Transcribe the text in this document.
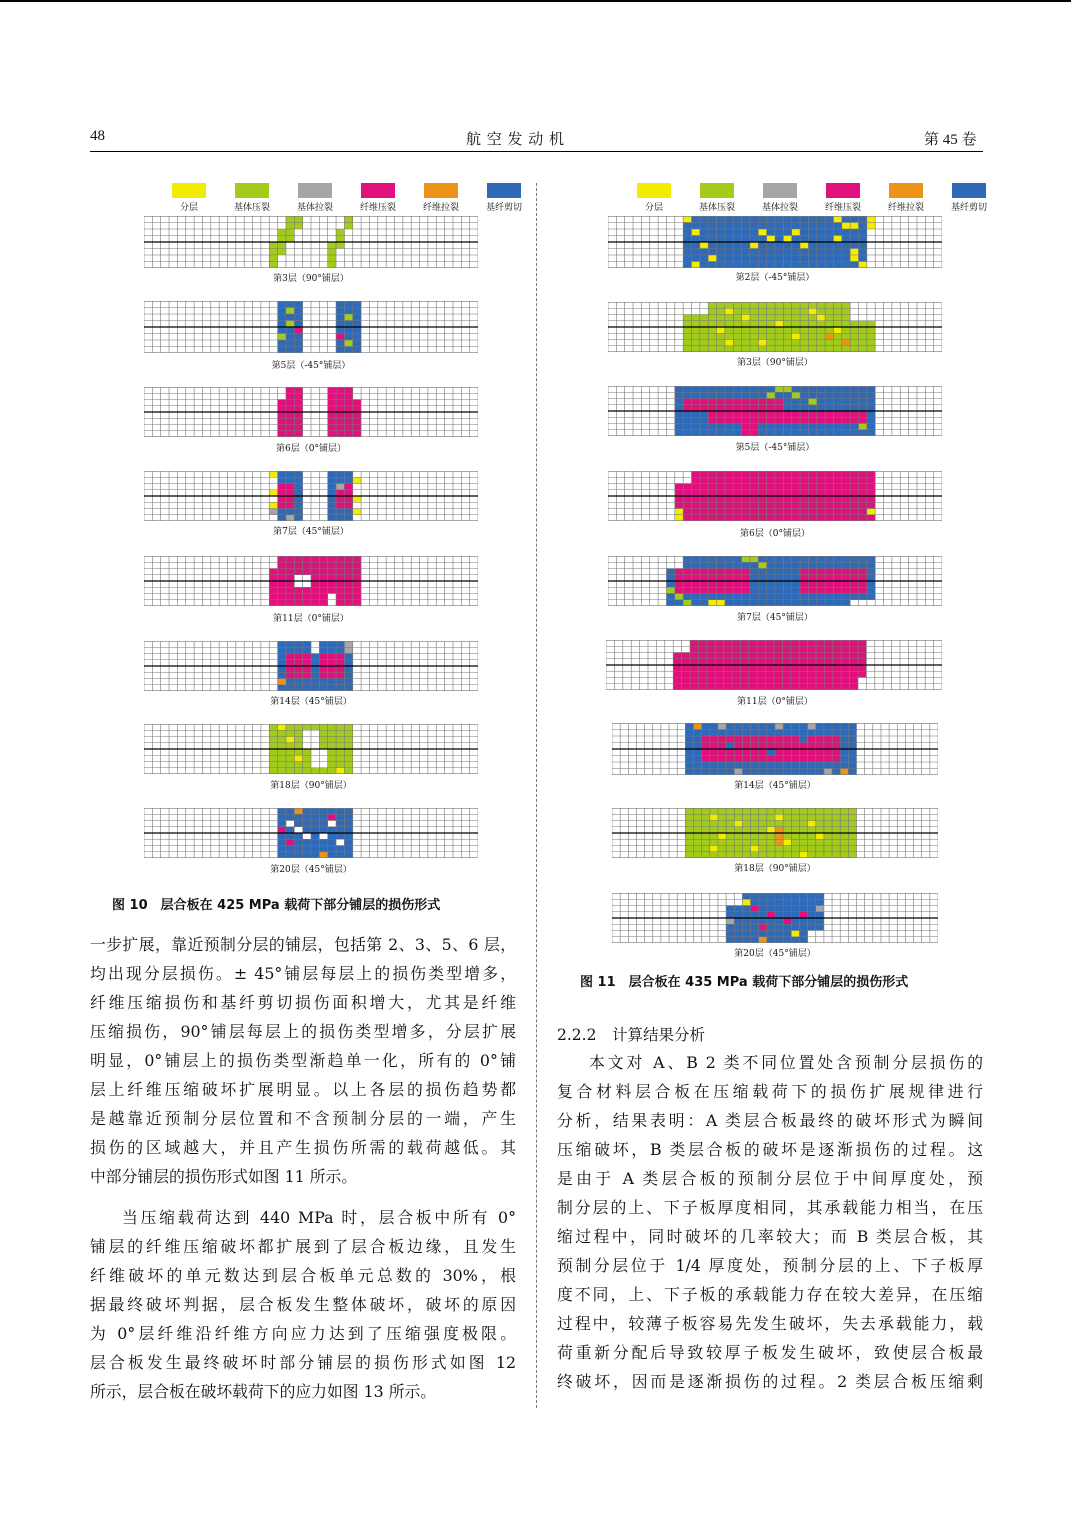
48	航 空 发 动 机	第 45 卷
分层	基体压裂	基体拉裂	纤维压裂	纤维拉裂	基纤剪切	分层	基体压裂	基体拉裂	纤维压裂	纤维拉裂	基纤剪切
第3层（90°铺层）
第5层（-45°铺层）
第6层（0°铺层）
第7层（45°铺层）
第11层（0°铺层）
第14层（45°铺层）
第18层（90°铺层）
第20层（45°铺层）
图 10　层合板在 425 MPa 载荷下部分铺层的损伤形式
第2层（-45°铺层）
第3层（90°铺层）
第5层（-45°铺层）
第6层（0°铺层）
第7层（45°铺层）
第11层（0°铺层）
第14层（45°铺层）
第18层（90°铺层）
第20层（45°铺层）
图 11　层合板在 435 MPa 载荷下部分铺层的损伤形式
一步扩展，靠近预制分层的铺层，包括第 2、3、5、6 层，
均出现分层损伤。± 45°铺层每层上的损伤类型增多，
纤维压缩损伤和基纤剪切损伤面积增大，尤其是纤维
压缩损伤，90°铺层每层上的损伤类型增多，分层扩展
明显，0°铺层上的损伤类型渐趋单一化，所有的 0°铺
层上纤维压缩破坏扩展明显。以上各层的损伤趋势都
是越靠近预制分层位置和不含预制分层的一端，产生
损伤的区域越大，并且产生损伤所需的载荷越低。其
中部分铺层的损伤形式如图 11 所示。
当压缩载荷达到 440 MPa 时，层合板中所有 0°
铺层的纤维压缩破坏都扩展到了层合板边缘，且发生
纤维破坏的单元数达到层合板单元总数的 30%，根
据最终破坏判据，层合板发生整体破坏，破坏的原因
为 0°层纤维沿纤维方向应力达到了压缩强度极限。
层合板发生最终破坏时部分铺层的损伤形式如图 12
所示，层合板在破坏载荷下的应力如图 13 所示。
2.2.2　计算结果分析
本文对 A、B 2 类不同位置处含预制分层损伤的
复合材料层合板在压缩载荷下的损伤扩展规律进行
分析，结果表明：A 类层合板最终的破坏形式为瞬间
压缩破坏，B 类层合板的破坏是逐渐损伤的过程。这
是由于 A 类层合板的预制分层位于中间厚度处，预
制分层的上、下子板厚度相同，其承载能力相当，在压
缩过程中，同时破坏的几率较大；而 B 类层合板，其
预制分层位于 1/4 厚度处，预制分层的上、下子板厚
度不同，上、下子板的承载能力存在较大差异，在压缩
过程中，较薄子板容易先发生破坏，失去承载能力，载
荷重新分配后导致较厚子板发生破坏，致使层合板最
终破坏，因而是逐渐损伤的过程。2 类层合板压缩剩
